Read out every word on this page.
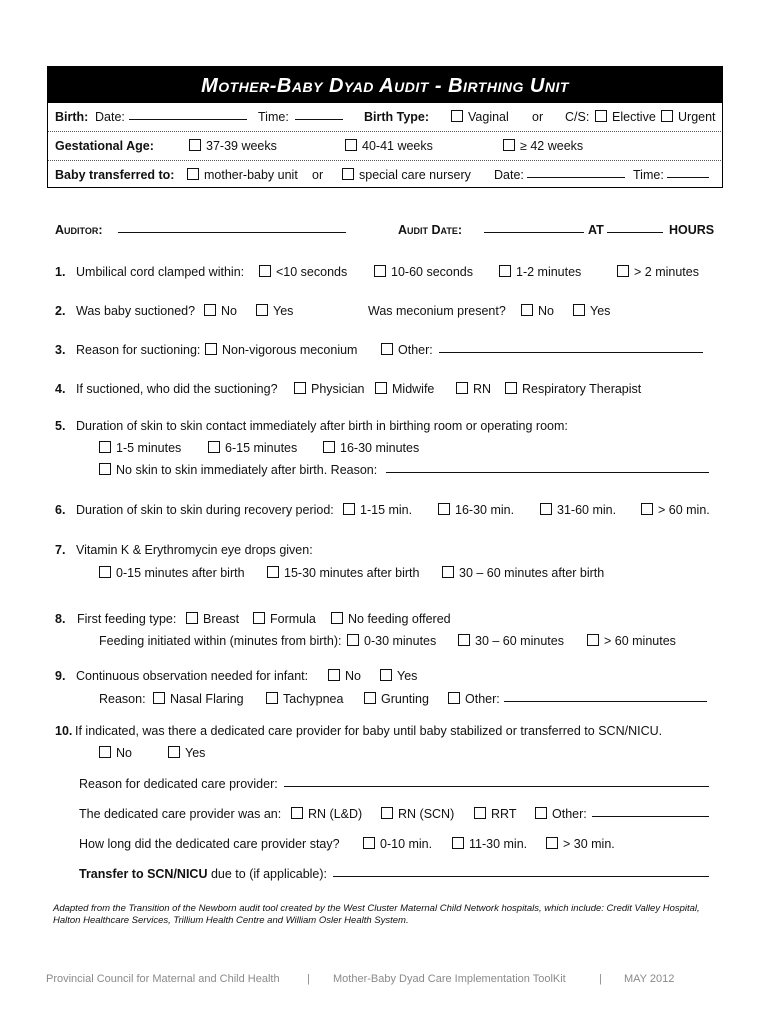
Mother-Baby Dyad Audit - Birthing Unit
Birth: Date:	Time:	Birth Type:	Vaginal or C/S:	Elective	Urgent
Gestational Age:	37-39 weeks	40-41 weeks	≥ 42 weeks
Baby transferred to:	mother-baby unit or	special care nursery Date:	Time:
Auditor:	Audit Date:	AT	HOURS
1. Umbilical cord clamped within:	<10 seconds	10-60 seconds	1-2 minutes	> 2 minutes
2. Was baby suctioned?	No	Yes	Was meconium present?	No	Yes
3. Reason for suctioning:	Non-vigorous meconium	Other:
4. If suctioned, who did the suctioning?	Physician	Midwife	RN	Respiratory Therapist
5. Duration of skin to skin contact immediately after birth in birthing room or operating room:
1-5 minutes	6-15 minutes	16-30 minutes
No skin to skin immediately after birth. Reason:
6. Duration of skin to skin during recovery period:	1-15 min.	16-30 min.	31-60 min.	> 60 min.
7. Vitamin K & Erythromycin eye drops given:
0-15 minutes after birth	15-30 minutes after birth	30 – 60 minutes after birth
8. First feeding type:	Breast	Formula	No feeding offered
Feeding initiated within (minutes from birth):	0-30 minutes	30 – 60 minutes	> 60 minutes
9. Continuous observation needed for infant:	No	Yes
Reason:	Nasal Flaring	Tachypnea	Grunting	Other:
10. If indicated, was there a dedicated care provider for baby until baby stabilized or transferred to SCN/NICU.
No	Yes
Reason for dedicated care provider:
The dedicated care provider was an:	RN (L&D)	RN (SCN)	RRT	Other:
How long did the dedicated care provider stay?	0-10 min.	11-30 min.	> 30 min.
Transfer to SCN/NICU due to (if applicable):
Adapted from the Transition of the Newborn audit tool created by the West Cluster Maternal Child Network hospitals, which include: Credit Valley Hospital, Halton Healthcare Services, Trillium Health Centre and William Osler Health System.
Provincial Council for Maternal and Child Health | Mother-Baby Dyad Care Implementation ToolKit	| MAY 2012
